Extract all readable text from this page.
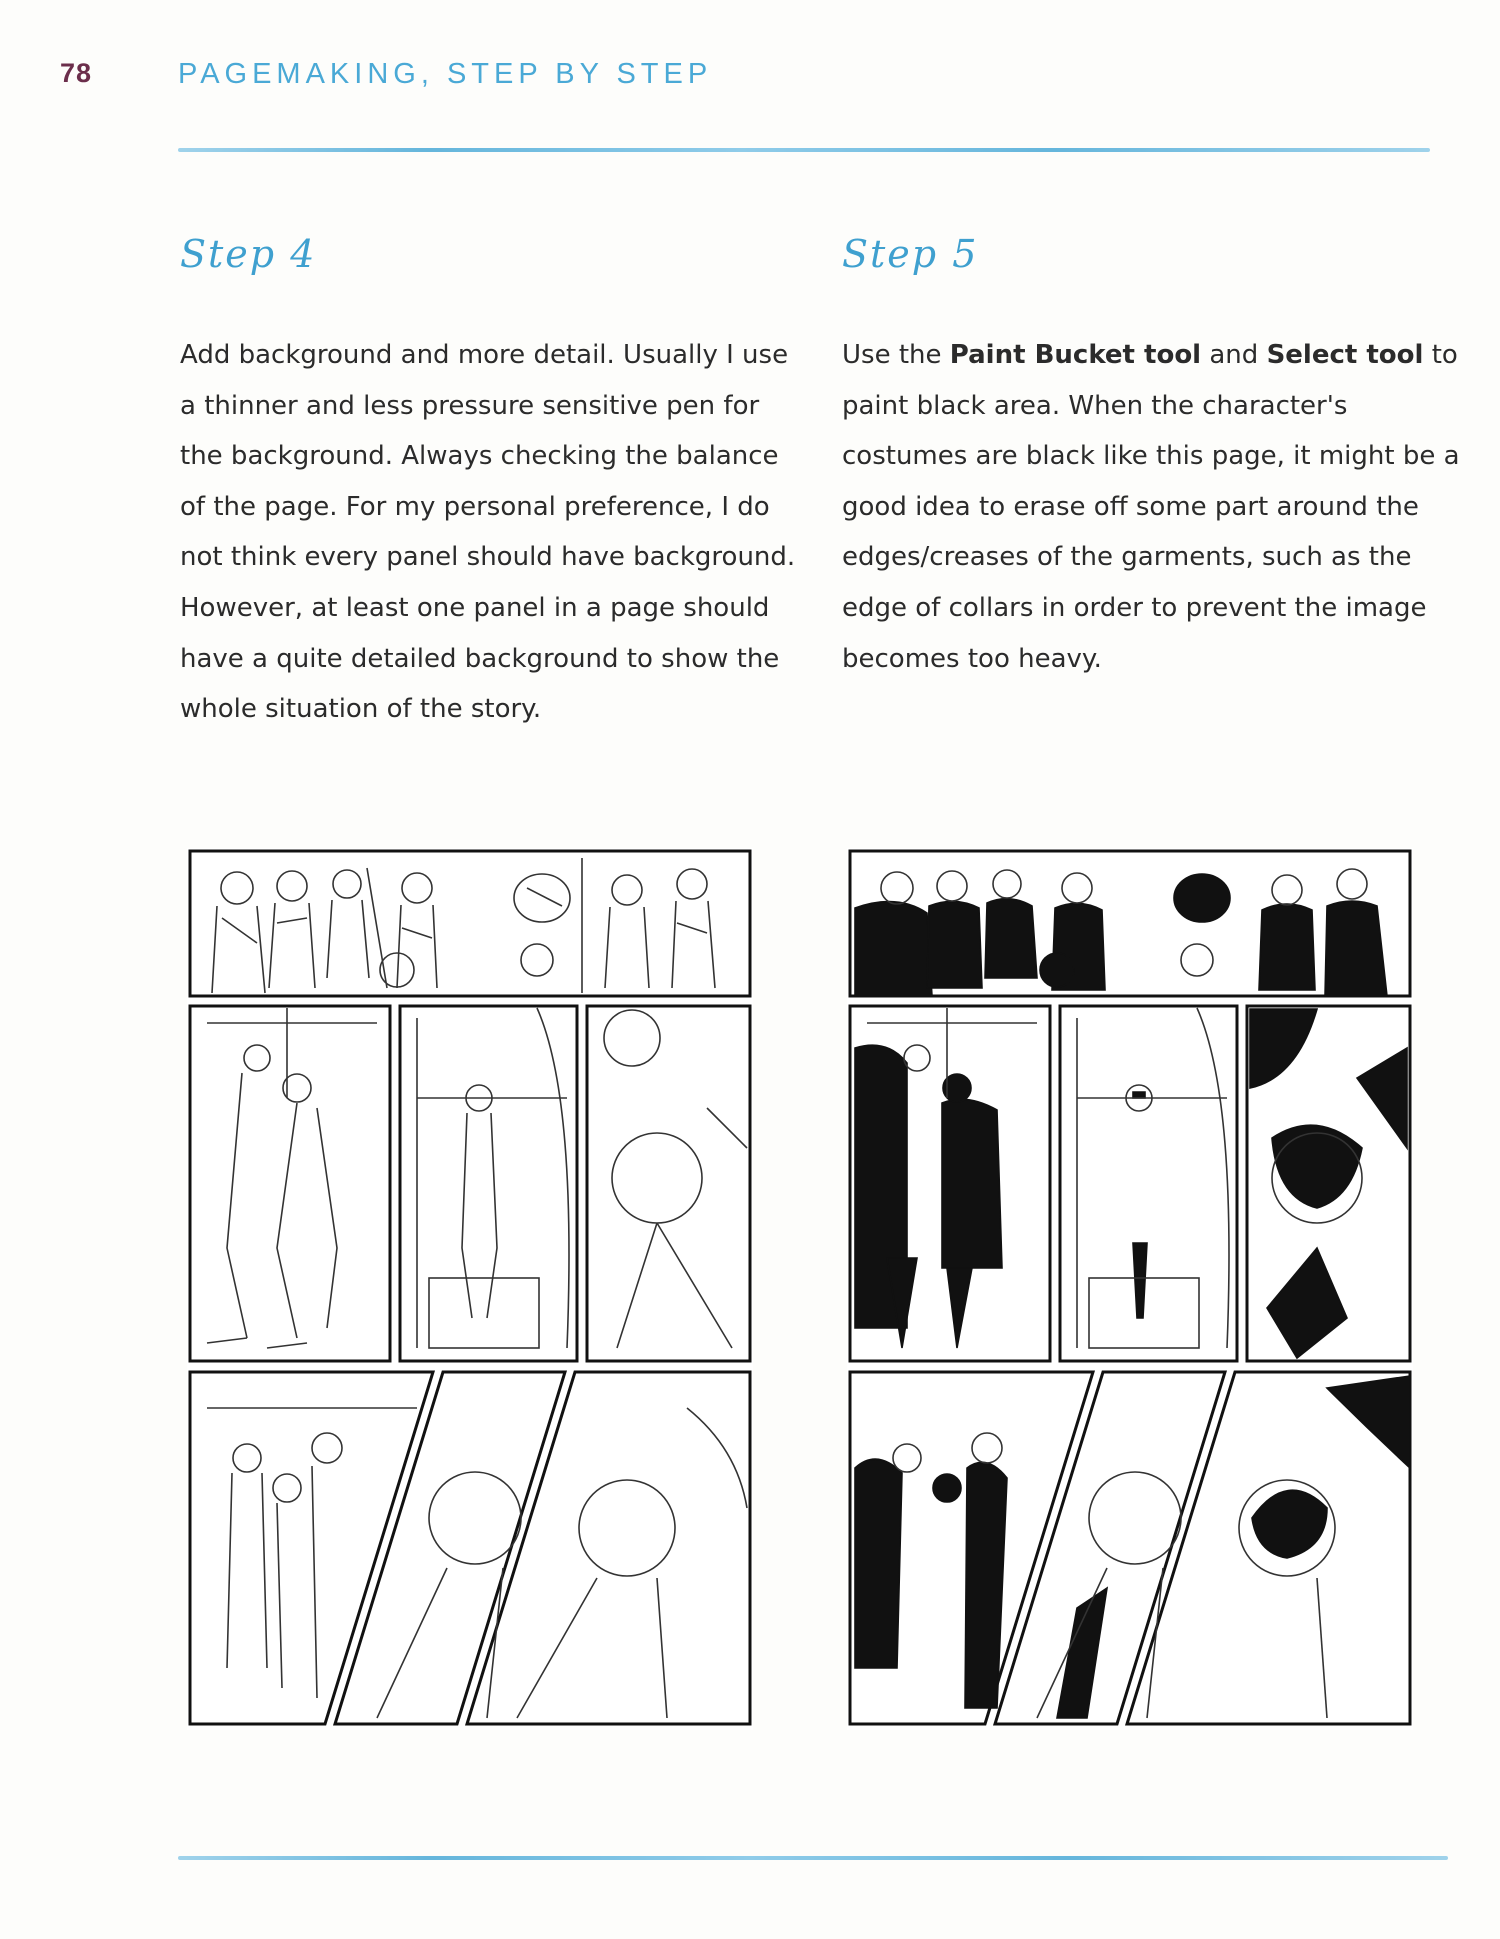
78	PAGEMAKING, STEP BY STEP
Step 4	Step 5
Add background and more detail. Usually I use a thinner and less pressure sensitive pen for the background. Always checking the balance of the page. For my personal preference, I do not think every panel should have background. However, at least one panel in a page should have a quite detailed background to show the whole situation of the story.
Use the Paint Bucket tool and Select tool to paint black area. When the character's costumes are black like this page, it might be a good idea to erase off some part around the edges/creases of the garments, such as the edge of collars in order to prevent the image becomes too heavy.
